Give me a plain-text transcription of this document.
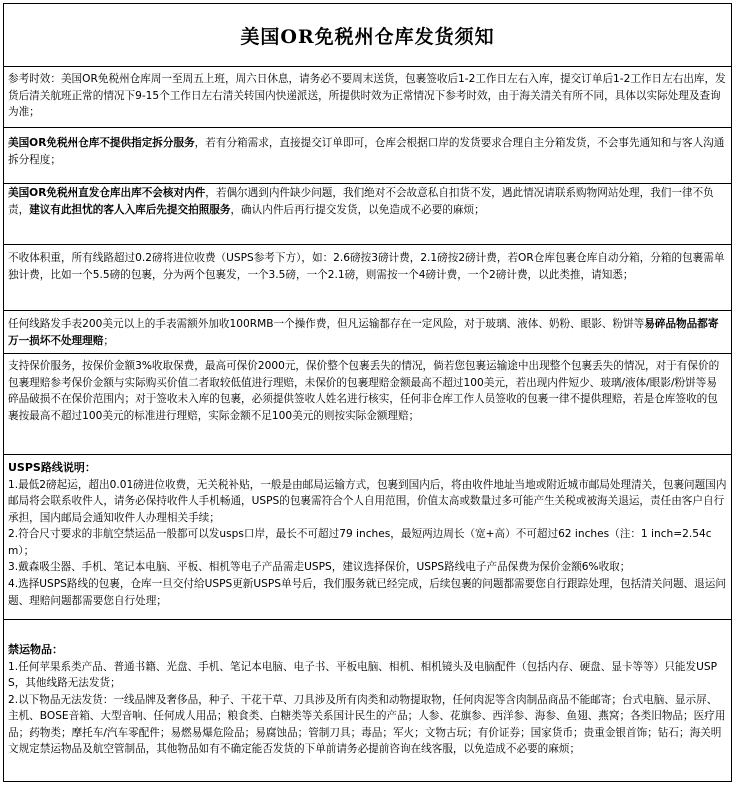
美国OR免税州仓库发货须知

参考时效：美国OR免税州仓库周一至周五上班，周六日休息，请务必不要周末送货，包裹签收后1-2工作日左右入库，提交订单后1-2工作日左右出库，发货后清关航班正常的情况下9-15个工作日左右清关转国内快递派送，所提供时效为正常情况下参考时效，由于海关清关有所不同，具体以实际处理及查询为准；

美国OR免税州仓库不提供指定拆分服务，若有分箱需求，直接提交订单即可，仓库会根据口岸的发货要求合理自主分箱发货，不会事先通知和与客人沟通拆分程度；

美国OR免税州直发仓库出库不会核对内件，若偶尔遇到内件缺少问题，我们绝对不会故意私自扣货不发，遇此情况请联系购物网站处理，我们一律不负责，建议有此担忧的客人入库后先提交拍照服务，确认内件后再行提交发货，以免造成不必要的麻烦；

不收体积重，所有线路超过0.2磅将进位收费（USPS参考下方），如：2.6磅按3磅计费，2.1磅按2磅计费，若OR仓库包裹仓库自动分箱，分箱的包裹需单独计费，比如一个5.5磅的包裹，分为两个包裹发，一个3.5磅，一个2.1磅，则需按一个4磅计费，一个2磅计费，以此类推，请知悉；

任何线路发手表200美元以上的手表需额外加收100RMB一个操作费，但凡运输都存在一定风险，对于玻璃、液体、奶粉、眼影、粉饼等易碎品物品都寄万一损坏不处理理赔；

支持保价服务，按保价金额3%收取保费，最高可保价2000元，保价整个包裹丢失的情况，倘若您包裹运输途中出现整个包裹丢失的情况，对于有保价的包裹理赔参考保价金额与实际购买价值二者取较低值进行理赔，未保价的包裹理赔金额最高不超过100美元，若出现内件短少、玻璃/液体/眼影/粉饼等易碎品破损不在保价范围内；对于签收未入库的包裹，必须提供签收人姓名进行核实，任何非仓库工作人员签收的包裹一律不提供理赔，若是仓库签收的包裹按最高不超过100美元的标准进行理赔，实际金额不足100美元的则按实际金额理赔；

USPS路线说明：

1.最低2磅起运，超出0.01磅进位收费，无关税补贴，一般是由邮局运输方式，包裹到国内后，将由收件地址当地或附近城市邮局处理清关，包裹问题国内邮局将会联系收件人，请务必保持收件人手机畅通，USPS的包裹需符合个人自用范围，价值太高或数量过多可能产生关税或被海关退运，责任由客户自行承担，国内邮局会通知收件人办理相关手续；

2.符合尺寸要求的非航空禁运品一般都可以发usps口岸，最长不可超过79 inches，最短两边周长（宽+高）不可超过62 inches（注：1 inch=2.54cm）；

3.戴森吸尘器、手机、笔记本电脑、平板、相机等电子产品需走USPS，建议选择保价，USPS路线电子产品保费为保价金额6%收取；

4.选择USPS路线的包裹，仓库一旦交付给USPS更新USPS单号后，我们服务就已经完成，后续包裹的问题都需要您自行跟踪处理，包括清关问题、退运问题、理赔问题都需要您自行处理；

禁运物品：

1.任何苹果系类产品、普通书籍、光盘、手机、笔记本电脑、电子书、平板电脑、相机、相机镜头及电脑配件（包括内存、硬盘、显卡等等）只能发USPS，其他线路无法发货；

2.以下物品无法发货：一线品牌及奢侈品，种子、干花干草、刀具涉及所有肉类和动物提取物，任何肉泥等含肉制品商品不能邮寄；台式电脑、显示屏、主机、BOSE音箱、大型音响、任何成人用品；粮食类、白糖类等关系国计民生的产品；人参、花旗参、西洋参、海参、鱼翅、燕窝；各类旧物品；医疗用品；药物类；摩托车/汽车零配件；易燃易爆危险品；易腐蚀品；管制刀具；毒品；军火；文物古玩；有价证券；国家货币；贵重金银首饰；钻石；海关明文规定禁运物品及航空管制品，其他物品如有不确定能否发货的下单前请务必提前咨询在线客服，以免造成不必要的麻烦；
